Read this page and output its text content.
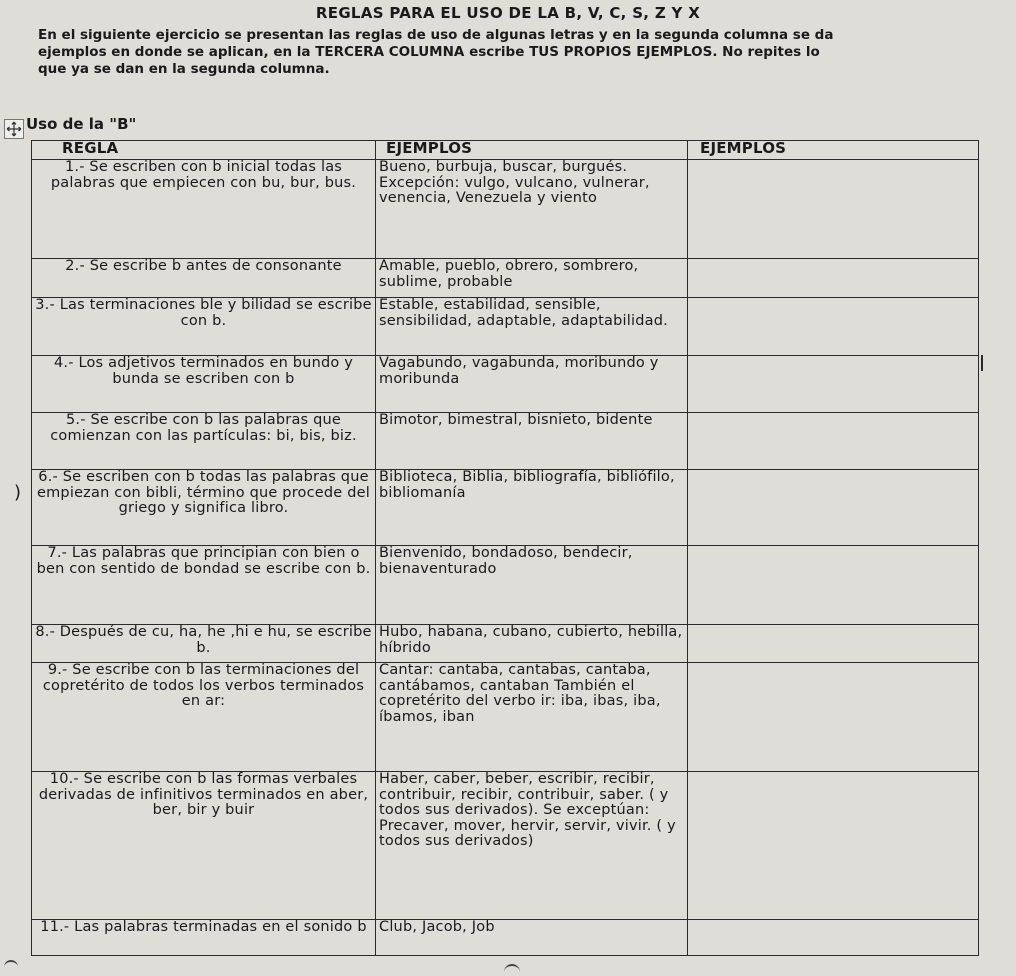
REGLAS PARA EL USO DE LA B, V, C, S, Z Y X
En el siguiente ejercicio se presentan las reglas de uso de algunas letras y en la segunda columna se da
ejemplos en donde se aplican, en la TERCERA COLUMNA escribe TUS PROPIOS EJEMPLOS. No repites lo
que ya se dan en la segunda columna.
Uso de la "B"
REGLA	EJEMPLOS	EJEMPLOS
1.- Se escriben con b inicial todas las palabras que empiecen con bu, bur, bus.	Bueno, burbuja, buscar, burgués. Excepción: vulgo, vulcano, vulnerar, venencia, Venezuela y viento	
2.- Se escribe b antes de consonante	Amable, pueblo, obrero, sombrero, sublime, probable	
3.- Las terminaciones ble y bilidad se escribe con b.	Estable, estabilidad, sensible, sensibilidad, adaptable, adaptabilidad.	
4.- Los adjetivos terminados en bundo y bunda se escriben con b	Vagabundo, vagabunda, moribundo y moribunda	
5.- Se escribe con b las palabras que comienzan con las partículas: bi, bis, biz.	Bimotor, bimestral, bisnieto, bidente	
6.- Se escriben con b todas las palabras que empiezan con bibli, término que procede del griego y significa libro.	Biblioteca, Biblia, bibliografía, bibliófilo, bibliomanía	
7.- Las palabras que principian con bien o ben con sentido de bondad se escribe con b.	Bienvenido, bondadoso, bendecir, bienaventurado	
8.- Después de cu, ha, he ,hi e hu, se escribe b.	Hubo, habana, cubano, cubierto, hebilla, híbrido	
9.- Se escribe con b las terminaciones del copretérito de todos los verbos terminados en ar:	Cantar: cantaba, cantabas, cantaba, cantábamos, cantaban También el copretérito del verbo ir: iba, ibas, iba, íbamos, iban	
10.- Se escribe con b las formas verbales derivadas de infinitivos terminados en aber, ber, bir y buir	Haber, caber, beber, escribir, recibir, contribuir, recibir, contribuir, saber. ( y todos sus derivados). Se exceptúan: Precaver, mover, hervir, servir, vivir. ( y todos sus derivados)	
11.- Las palabras terminadas en el sonido b	Club, Jacob, Job	
)
